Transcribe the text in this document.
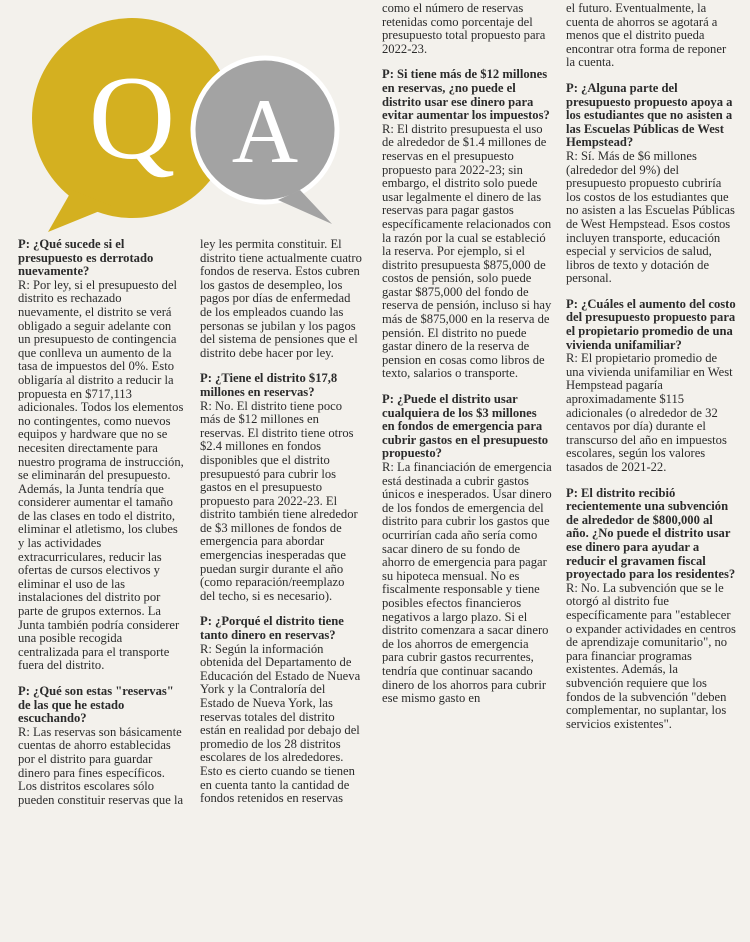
Q A

P: ¿Qué sucede si el presupuesto es derrotado nuevamente?
R: Por ley, si el presupuesto del distrito es rechazado nuevamente, el distrito se verá obligado a seguir adelante con un presupuesto de contingencia que conlleva un aumento de la tasa de impuestos del 0%. Esto obligaría al distrito a reducir la propuesta en $717,113 adicionales. Todos los elementos no contingentes, como nuevos equipos y hardware que no se necesiten directamente para nuestro programa de instrucción, se eliminarán del presupuesto. Además, la Junta tendría que considerer aumentar el tamaño de las clases en todo el distrito, eliminar el atletismo, los clubes y las actividades extracurriculares, reducir las ofertas de cursos electivos y eliminar el uso de las instalaciones del distrito por parte de grupos externos. La Junta también podría considerer una posible recogida centralizada para el transporte fuera del distrito.

P: ¿Qué son estas "reservas" de las que he estado escuchando?
R: Las reservas son básicamente cuentas de ahorro establecidas por el distrito para guardar dinero para fines específicos. Los distritos escolares sólo pueden constituir reservas que la

ley les permita constituir. El distrito tiene actualmente cuatro fondos de reserva. Estos cubren los gastos de desempleo, los pagos por días de enfermedad de los empleados cuando las personas se jubilan y los pagos del sistema de pensiones que el distrito debe hacer por ley.

P: ¿Tiene el distrito $17,8 millones en reservas?
R: No. El distrito tiene poco más de $12 millones en reservas. El distrito tiene otros $2.4 millones en fondos disponibles que el distrito presupuestó para cubrir los gastos en el presupuesto propuesto para 2022-23. El distrito también tiene alrededor de $3 millones de fondos de emergencia para abordar emergencias inesperadas que puedan surgir durante el año (como reparación/reemplazo del techo, si es necesario).

P: ¿Porqué el distrito tiene tanto dinero en reservas?
R: Según la información obtenida del Departamento de Educación del Estado de Nueva York y la Contraloría del Estado de Nueva York, las reservas totales del distrito están en realidad por debajo del promedio de los 28 distritos escolares de los alrededores. Esto es cierto cuando se tienen en cuenta tanto la cantidad de fondos retenidos en reservas

como el número de reservas retenidas como porcentaje del presupuesto total propuesto para 2022-23.

P: Si tiene más de $12 millones en reservas, ¿no puede el distrito usar ese dinero para evitar aumentar los impuestos?
R: El distrito presupuesta el uso de alrededor de $1.4 millones de reservas en el presupuesto propuesto para 2022-23; sin embargo, el distrito solo puede usar legalmente el dinero de las reservas para pagar gastos específicamente relacionados con la razón por la cual se estableció la reserva. Por ejemplo, si el distrito presupuesta $875,000 de costos de pensión, solo puede gastar $875,000 del fondo de reserva de pensión, incluso si hay más de $875,000 en la reserva de pensión. El distrito no puede gastar dinero de la reserva de pension en cosas como libros de texto, salarios o transporte.

P: ¿Puede el distrito usar cualquiera de los $3 millones en fondos de emergencia para cubrir gastos en el presupuesto propuesto?
R: La financiación de emergencia está destinada a cubrir gastos únicos e inesperados. Usar dinero de los fondos de emergencia del distrito para cubrir los gastos que ocurrirían cada año sería como sacar dinero de su fondo de ahorro de emergencia para pagar su hipoteca mensual. No es fiscalmente responsable y tiene posibles efectos financieros negativos a largo plazo. Si el distrito comenzara a sacar dinero de los ahorros de emergencia para cubrir gastos recurrentes, tendría que continuar sacando dinero de los ahorros para cubrir ese mismo gasto en

el futuro. Eventualmente, la cuenta de ahorros se agotará a menos que el distrito pueda encontrar otra forma de reponer la cuenta.

P: ¿Alguna parte del presupuesto propuesto apoya a los estudiantes que no asisten a las Escuelas Públicas de West Hempstead?
R: Sí. Más de $6 millones (alrededor del 9%) del presupuesto propuesto cubriría los costos de los estudiantes que no asisten a las Escuelas Públicas de West Hempstead. Esos costos incluyen transporte, educación especial y servicios de salud, libros de texto y dotación de personal.

P: ¿Cuáles el aumento del costo del presupuesto propuesto para el propietario promedio de una vivienda unifamiliar?
R: El propietario promedio de una vivienda unifamiliar en West Hempstead pagaría aproximadamente $115 adicionales (o alrededor de 32 centavos por día) durante el transcurso del año en impuestos escolares, según los valores tasados de 2021-22.

P: El distrito recibió recientemente una subvención de alrededor de $800,000 al año. ¿No puede el distrito usar ese dinero para ayudar a reducir el gravamen fiscal proyectado para los residentes?
R: No. La subvención que se le otorgó al distrito fue específicamente para "establecer o expander actividades en centros de aprendizaje comunitario", no para financiar programas existentes. Además, la subvención requiere que los fondos de la subvención "deben complementar, no suplantar, los servicios existentes".
